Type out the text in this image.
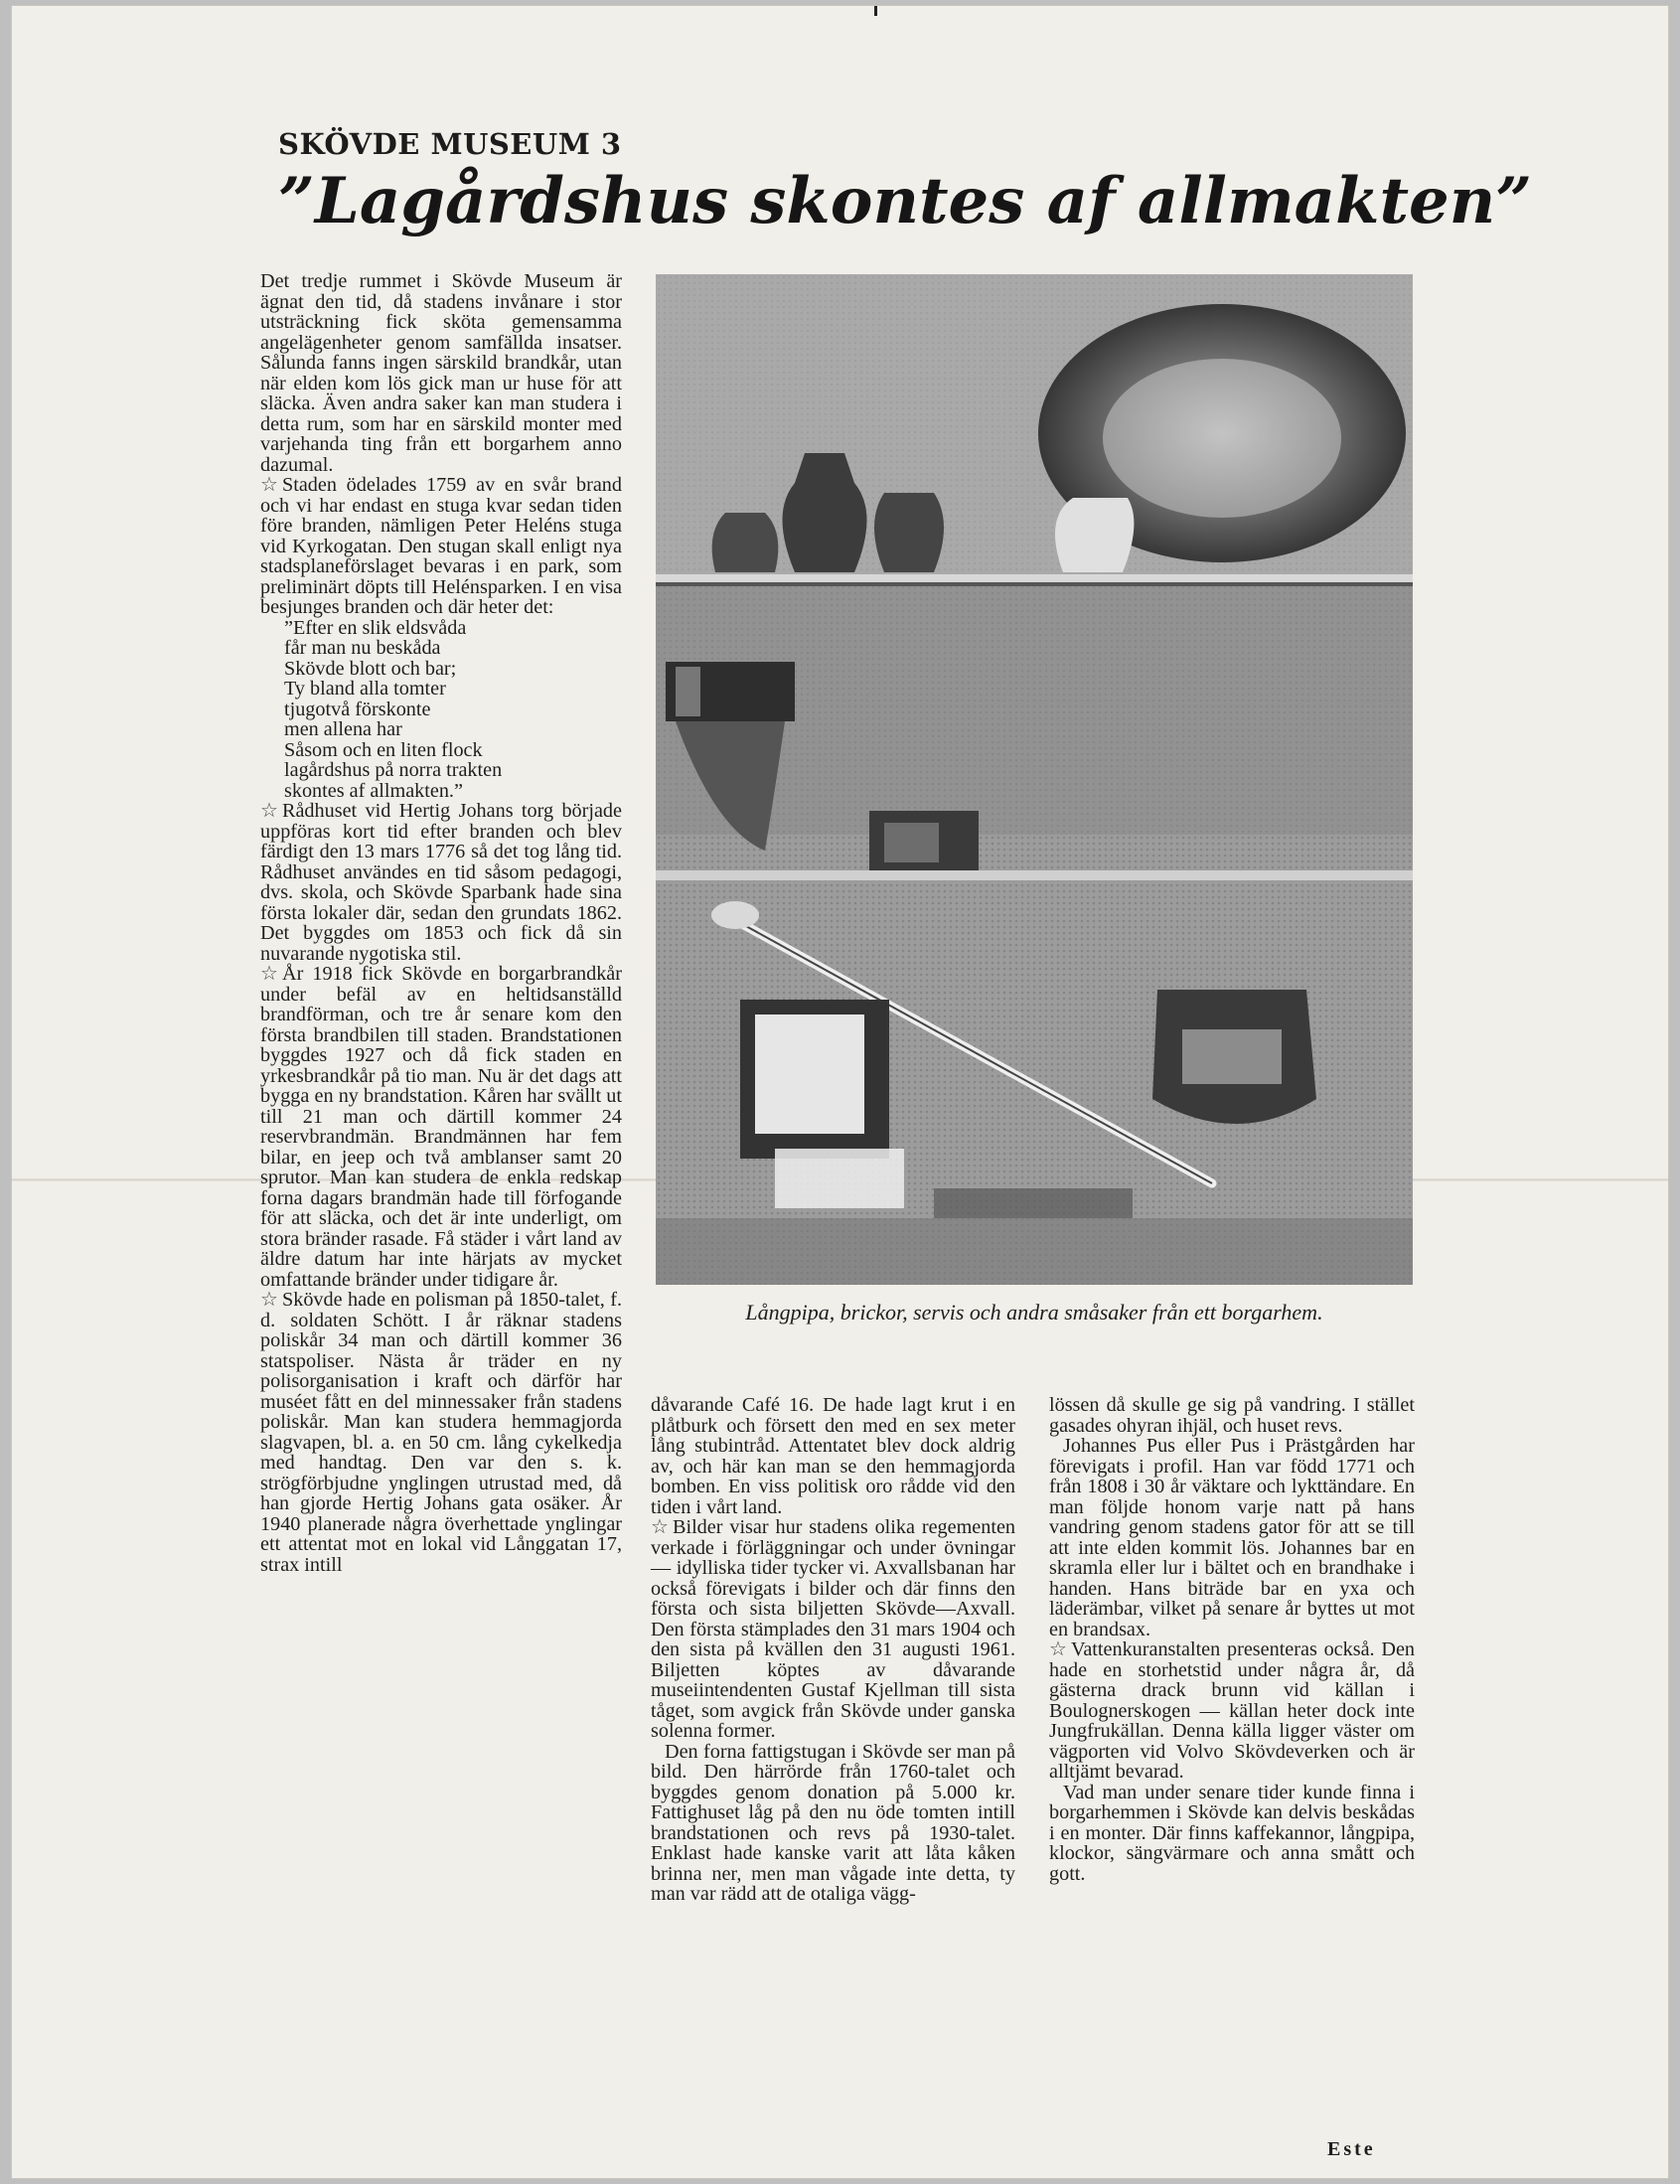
SKÖVDE MUSEUM 3
”Lagårdshus skontes af allmakten”

Det tredje rummet i Skövde Museum är ägnat den tid, då stadens invånare i stor utsträckning fick sköta gemensamma angelägenheter genom samfällda insatser. Sålunda fanns ingen särskild brandkår, utan när elden kom lös gick man ur huse för att släcka. Även andra saker kan man studera i detta rum, som har en särskild monter med varjehanda ting från ett borgarhem anno dazumal.

☆ Staden ödelades 1759 av en svår brand och vi har endast en stuga kvar sedan tiden före branden, nämligen Peter Heléns stuga vid Kyrkogatan. Den stugan skall enligt nya stadsplaneförslaget bevaras i en park, som preliminärt döpts till Helénsparken. I en visa besjunges branden och där heter det:

”Efter en slik eldsvåda
får man nu beskåda
Skövde blott och bar;
Ty bland alla tomter
tjugotvå förskonte
men allena har
Såsom och en liten flock
lagårdshus på norra trakten
skontes af allmakten.”

☆ Rådhuset vid Hertig Johans torg började uppföras kort tid efter branden och blev färdigt den 13 mars 1776 så det tog lång tid. Rådhuset användes en tid såsom pedagogi, dvs. skola, och Skövde Sparbank hade sina första lokaler där, sedan den grundats 1862. Det byggdes om 1853 och fick då sin nuvarande nygotiska stil.

☆ År 1918 fick Skövde en borgarbrandkår under befäl av en heltidsanställd brandförman, och tre år senare kom den första brandbilen till staden. Brandstationen byggdes 1927 och då fick staden en yrkesbrandkår på tio man. Nu är det dags att bygga en ny brandstation. Kåren har svällt ut till 21 man och därtill kommer 24 reservbrandmän. Brandmännen har fem bilar, en jeep och två amblanser samt 20 sprutor. Man kan studera de enkla redskap forna dagars brandmän hade till förfogande för att släcka, och det är inte underligt, om stora bränder rasade. Få städer i vårt land av äldre datum har inte härjats av mycket omfattande bränder under tidigare år.

☆ Skövde hade en polisman på 1850-talet, f. d. soldaten Schött. I år räknar stadens poliskår 34 man och därtill kommer 36 statspoliser. Nästa år träder en ny polisorganisation i kraft och därför har muséet fått en del minnessaker från stadens poliskår. Man kan studera hemmagjorda slagvapen, bl. a. en 50 cm. lång cykelkedja med handtag. Den var den s. k. strögförbjudne ynglingen utrustad med, då han gjorde Hertig Johans gata osäker. År 1940 planerade några överhettade ynglingar ett attentat mot en lokal vid Långgatan 17, strax intill

Långpipa, brickor, servis och andra småsaker från ett borgarhem.

dåvarande Café 16. De hade lagt krut i en plåtburk och försett den med en sex meter lång stubintråd. Attentatet blev dock aldrig av, och här kan man se den hemmagjorda bomben. En viss politisk oro rådde vid den tiden i vårt land.

☆ Bilder visar hur stadens olika regementen verkade i förläggningar och under övningar — idylliska tider tycker vi. Axvallsbanan har också förevigats i bilder och där finns den första och sista biljetten Skövde—Axvall. Den första stämplades den 31 mars 1904 och den sista på kvällen den 31 augusti 1961. Biljetten köptes av dåvarande museiintendenten Gustaf Kjellman till sista tåget, som avgick från Skövde under ganska solenna former.

Den forna fattigstugan i Skövde ser man på bild. Den härrörde från 1760-talet och byggdes genom donation på 5.000 kr. Fattighuset låg på den nu öde tomten intill brandstationen och revs på 1930-talet. Enklast hade kanske varit att låta kåken brinna ner, men man vågade inte detta, ty man var rädd att de otaliga vägg-

lössen då skulle ge sig på vandring. I stället gasades ohyran ihjäl, och huset revs.

Johannes Pus eller Pus i Prästgården har förevigats i profil. Han var född 1771 och från 1808 i 30 år väktare och lykttändare. En man följde honom varje natt på hans vandring genom stadens gator för att se till att inte elden kommit lös. Johannes bar en skramla eller lur i bältet och en brandhake i handen. Hans biträde bar en yxa och läderämbar, vilket på senare år byttes ut mot en brandsax.

☆ Vattenkuranstalten presenteras också. Den hade en storhetstid under några år, då gästerna drack brunn vid källan i Boulognerskogen — källan heter dock inte Jungfrukällan. Denna källa ligger väster om vägporten vid Volvo Skövdeverken och är alltjämt bevarad.

Vad man under senare tider kunde finna i borgarhemmen i Skövde kan delvis beskådas i en monter. Där finns kaffekannor, långpipa, klockor, sängvärmare och anna smått och gott.

Este
